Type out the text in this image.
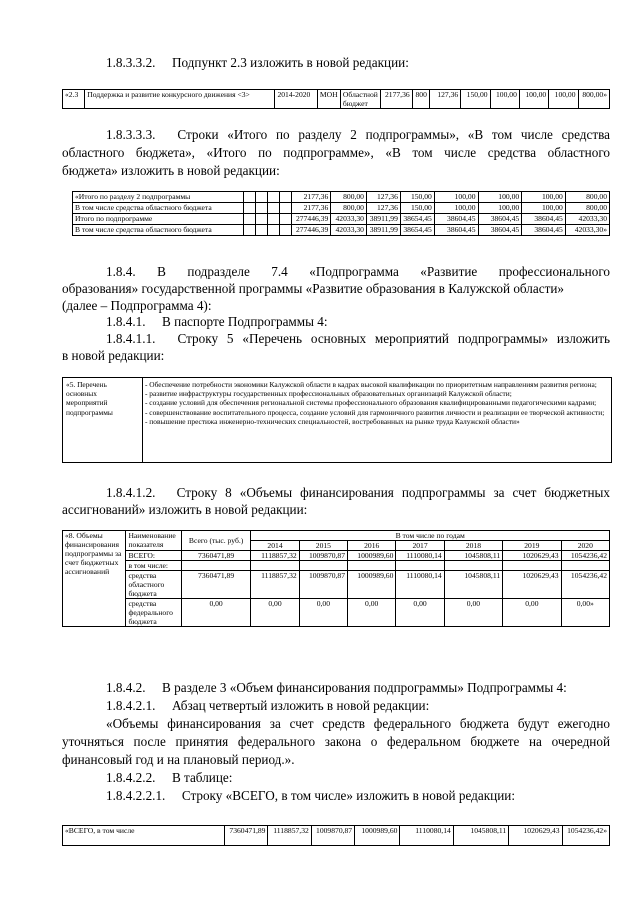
1.8.3.3.2.  Подпункт 2.3 изложить в новой редакции:
«2.3	Поддержка и развитие конкурсного движения <3>	2014-2020	МОН	Областной бюджет	2177,36	800	127,36	150,00	100,00	100,00	100,00	800,00»
1.8.3.3.3.  Строки «Итого по разделу 2 подпрограммы», «В том числе средства
областного бюджета», «Итого по подпрограмме», «В том числе средства областного
бюджета» изложить в новой редакции:
«Итого по разделу 2 подпрограммы					2177,36	800,00	127,36	150,00	100,00	100,00	100,00	800,00
В том числе средства областного бюджета					2177,36	800,00	127,36	150,00	100,00	100,00	100,00	800,00
Итого по подпрограмме					277446,39	42033,30	38911,99	38654,45	38604,45	38604,45	38604,45	42033,30
В том числе средства областного бюджета					277446,39	42033,30	38911,99	38654,45	38604,45	38604,45	38604,45	42033,30»
1.8.4.  В  подразделе  7.4  «Подпрограмма  «Развитие  профессионального
образования» государственной программы «Развитие образования в Калужской области»
(далее – Подпрограмма 4):
1.8.4.1.  В паспорте Подпрограммы 4:
1.8.4.1.1.  Строку 5 «Перечень основных мероприятий подпрограммы» изложить
в новой редакции:
«5. Перечень основных мероприятий подпрограммы
- Обеспечение потребности экономики Калужской области в кадрах высокой квалификации по приоритетным направлениям развития региона;
- развитие инфраструктуры государственных профессиональных образовательных организаций Калужской области;
- создание условий для обеспечения региональной системы профессионального образования квалифицированными педагогическими кадрами;
- совершенствование воспитательного процесса, создание условий для гармоничного развития личности и реализации ее творческой активности;
- повышение престижа инженерно-технических специальностей, востребованных на рынке труда Калужской области»
1.8.4.1.2.  Строку 8 «Объемы финансирования подпрограммы за счет бюджетных
ассигнований» изложить в новой редакции:
«8. Объемы финансирования подпрограммы за счет бюджетных ассигнований	Наименование показателя	Всего (тыс. руб.)	В том числе по годам						
			2014	2015	2016	2017	2018	2019	2020
	ВСЕГО:	7360471,89	1118857,32	1009870,87	1000989,60	1110080,14	1045808,11	1020629,43	1054236,42
	в том числе:								
	средства областного бюджета	7360471,89	1118857,32	1009870,87	1000989,60	1110080,14	1045808,11	1020629,43	1054236,42
	средства федерального бюджета	0,00	0,00	0,00	0,00	0,00	0,00	0,00	0,00»
1.8.4.2.  В разделе 3 «Объем финансирования подпрограммы» Подпрограммы 4:
1.8.4.2.1.  Абзац четвертый изложить в новой редакции:
«Объемы финансирования за счет средств федерального бюджета будут ежегодно
уточняться после принятия федерального закона о федеральном бюджете на очередной
финансовый год и на плановый период.».
1.8.4.2.2.  В таблице:
1.8.4.2.2.1.  Строку «ВСЕГО, в том числе» изложить в новой редакции:
«ВСЕГО, в том числе	7360471,89	1118857,32	1009870,87	1000989,60	1110080,14	1045808,11	1020629,43	1054236,42»
